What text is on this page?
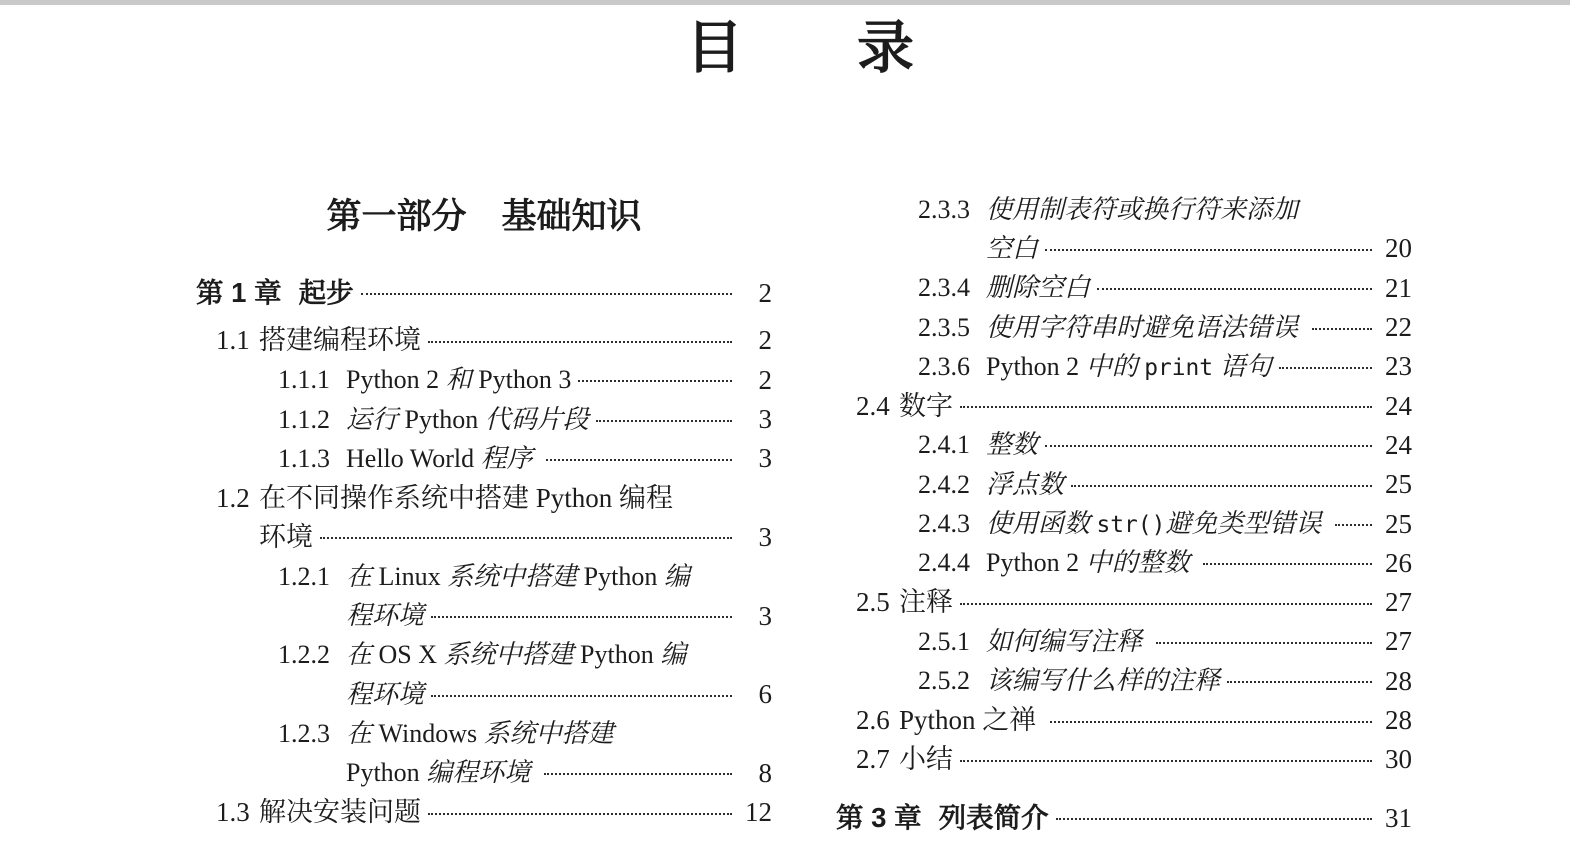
目　　录
第一部分　基础知识
第 1 章 起步	2
1.1 搭建编程环境	2
1.1.1 Python 2 和 Python 3	2
1.1.2 运行 Python 代码片段	3
1.1.3 Hello World 程序	3
1.2 在不同操作系统中搭建 Python 编程
环境	3
1.2.1 在 Linux 系统中搭建 Python 编
程环境	3
1.2.2 在 OS X 系统中搭建 Python 编
程环境	6
1.2.3 在 Windows 系统中搭建
Python 编程环境	8
1.3 解决安装问题	12
2.3.3 使用制表符或换行符来添加
空白	20
2.3.4 删除空白	21
2.3.5 使用字符串时避免语法错误	22
2.3.6 Python 2 中的 print 语句	23
2.4 数字	24
2.4.1 整数	24
2.4.2 浮点数	25
2.4.3 使用函数 str()避免类型错误	25
2.4.4 Python 2 中的整数	26
2.5 注释	27
2.5.1 如何编写注释	27
2.5.2 该编写什么样的注释	28
2.6 Python 之禅	28
2.7 小结	30
第 3 章 列表简介	31
